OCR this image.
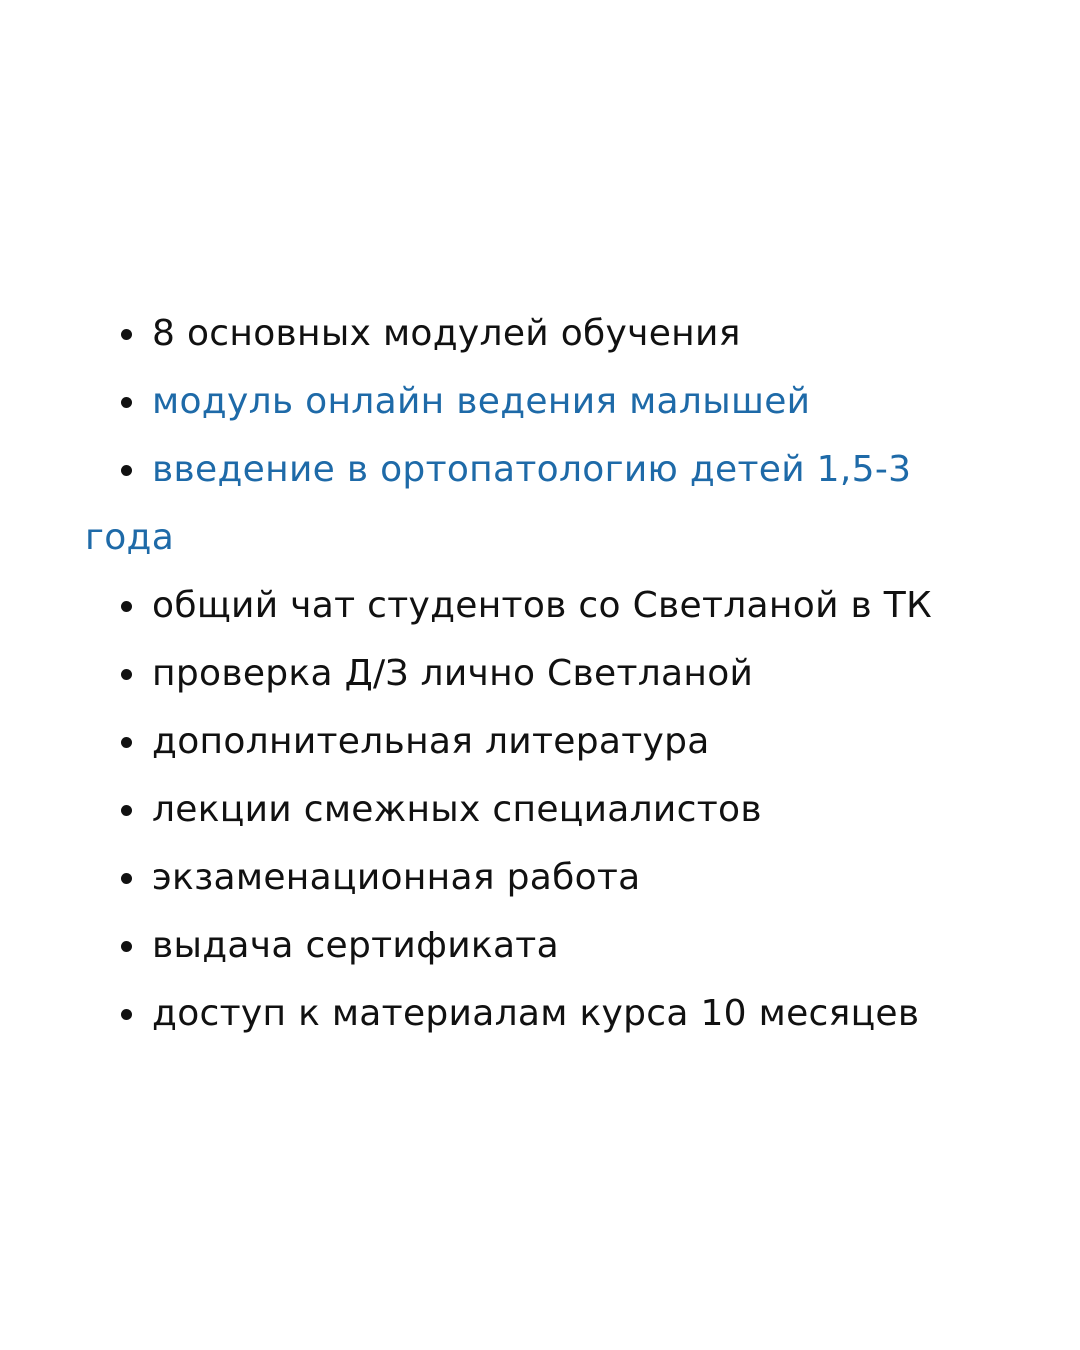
8 основных модулей обучения
модуль онлайн ведения малышей
введение в ортопатологию детей 1,5-3
года
общий чат студентов со Светланой в ТК
проверка Д/З лично Светланой
дополнительная литература
лекции смежных специалистов
экзаменационная работа
выдача сертификата
доступ к материалам курса 10 месяцев
